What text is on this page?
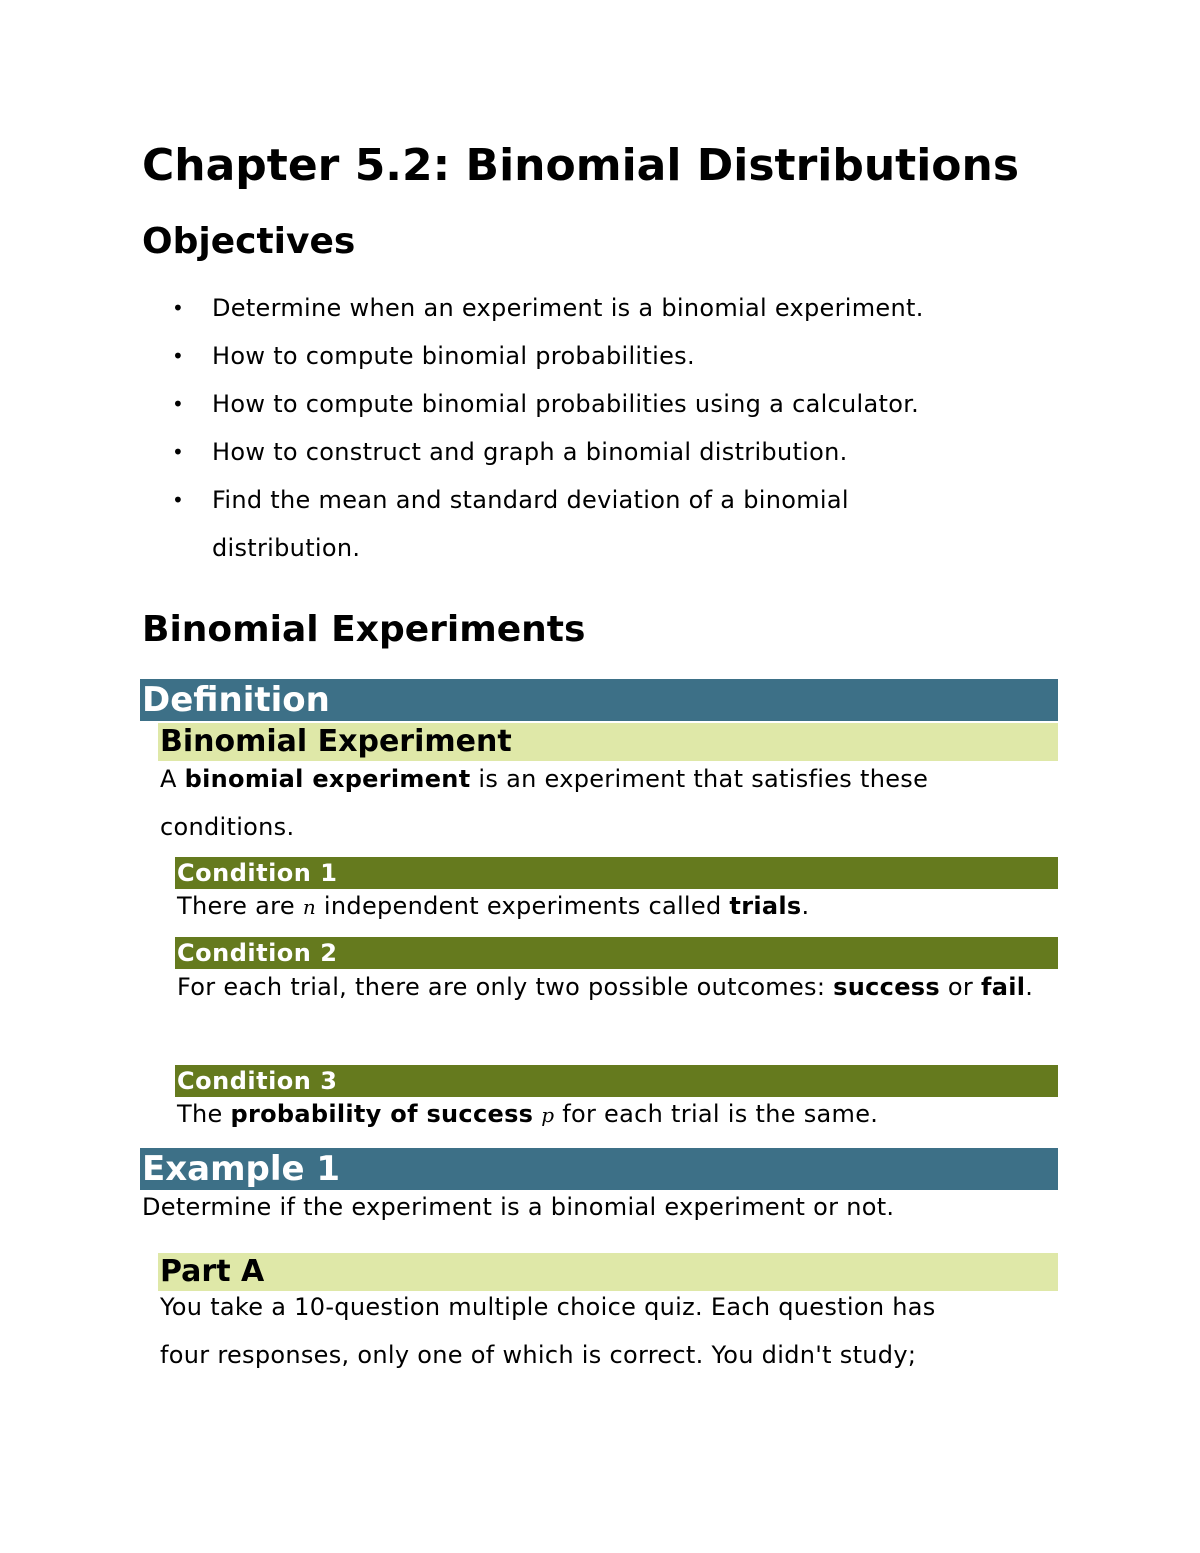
Chapter 5.2: Binomial Distributions
Objectives
•	Determine when an experiment is a binomial experiment.
•	How to compute binomial probabilities.
•	How to compute binomial probabilities using a calculator.
•	How to construct and graph a binomial distribution.
•	Find the mean and standard deviation of a binomial distribution.
Binomial Experiments
Definition
Binomial Experiment
A binomial experiment is an experiment that satisfies these conditions.
Condition 1
There are n independent experiments called trials.
Condition 2
For each trial, there are only two possible outcomes: success or fail.
Condition 3
The probability of success p for each trial is the same.
Example 1
Determine if the experiment is a binomial experiment or not.
Part A
You take a 10-question multiple choice quiz. Each question has
four responses, only one of which is correct. You didn't study;
